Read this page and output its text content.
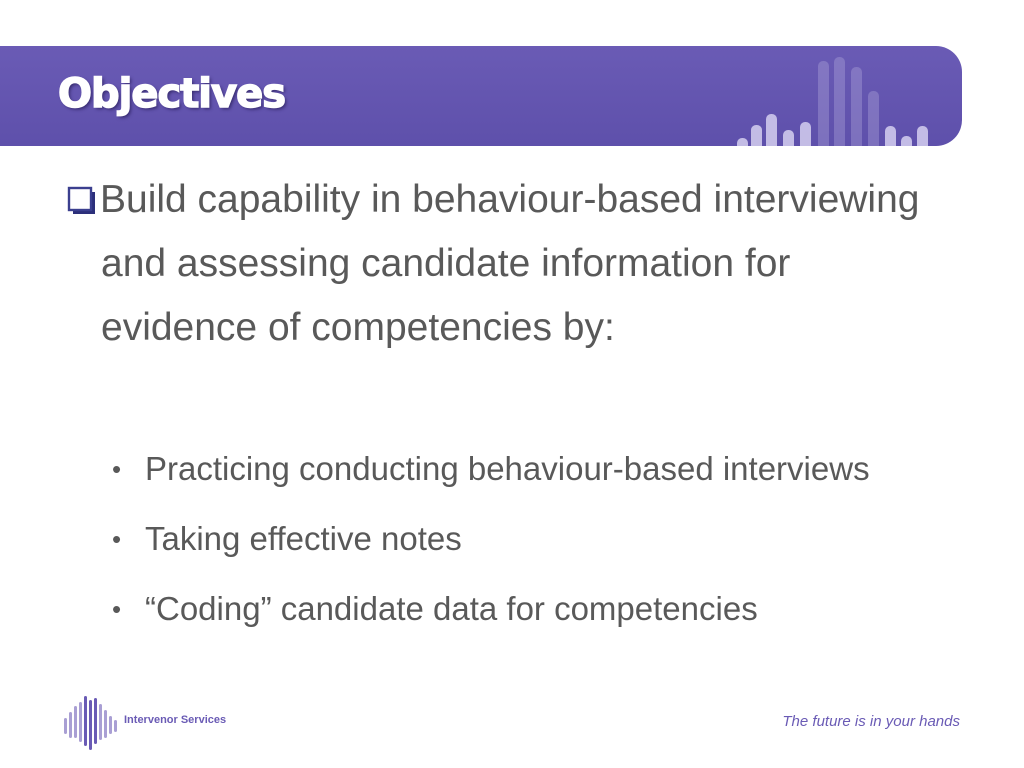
Objectives

Build capability in behaviour-based interviewing and assessing candidate information for evidence of competencies by:

• Practicing conducting behaviour-based interviews
• Taking effective notes
• “Coding” candidate data for competencies
Intervenor Services	The future is in your hands
